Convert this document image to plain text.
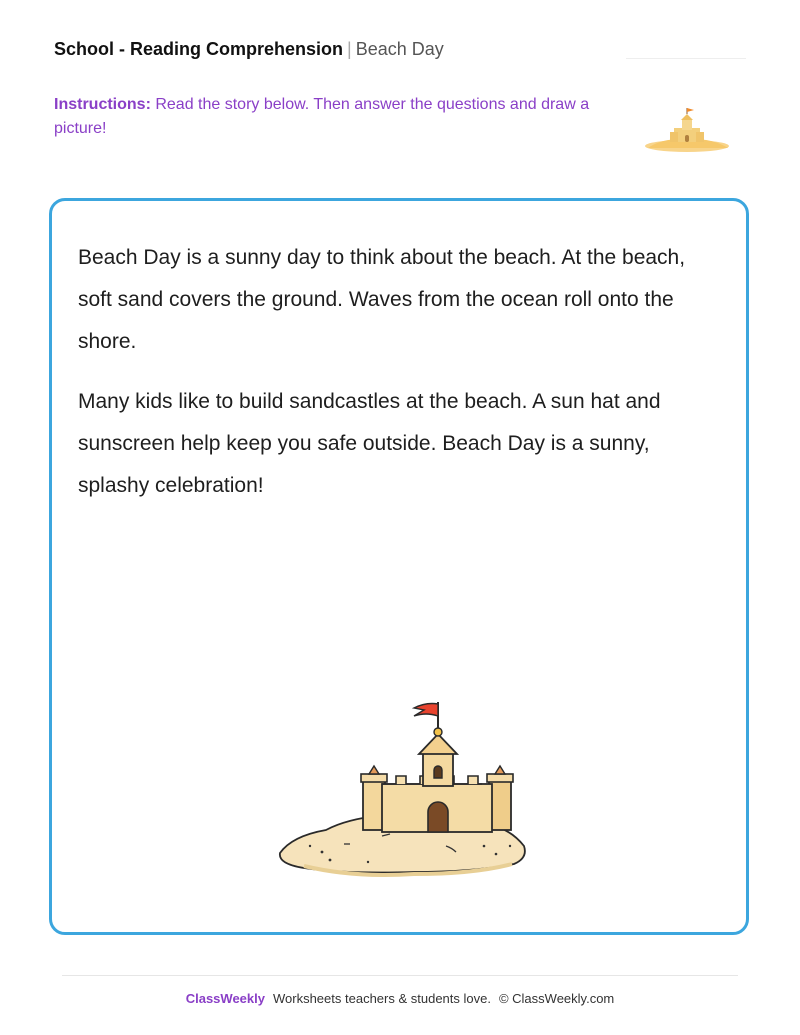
School - Reading Comprehension | Beach Day
Instructions: Read the story below. Then answer the questions and draw a picture!

Beach Day is a sunny day to think about the beach. At the beach, soft sand covers the ground. Waves from the ocean roll onto the shore.

Many kids like to build sandcastles at the beach. A sun hat and sunscreen help keep you safe outside. Beach Day is a sunny, splashy celebration!

ClassWeekly Worksheets teachers & students love. © ClassWeekly.com
